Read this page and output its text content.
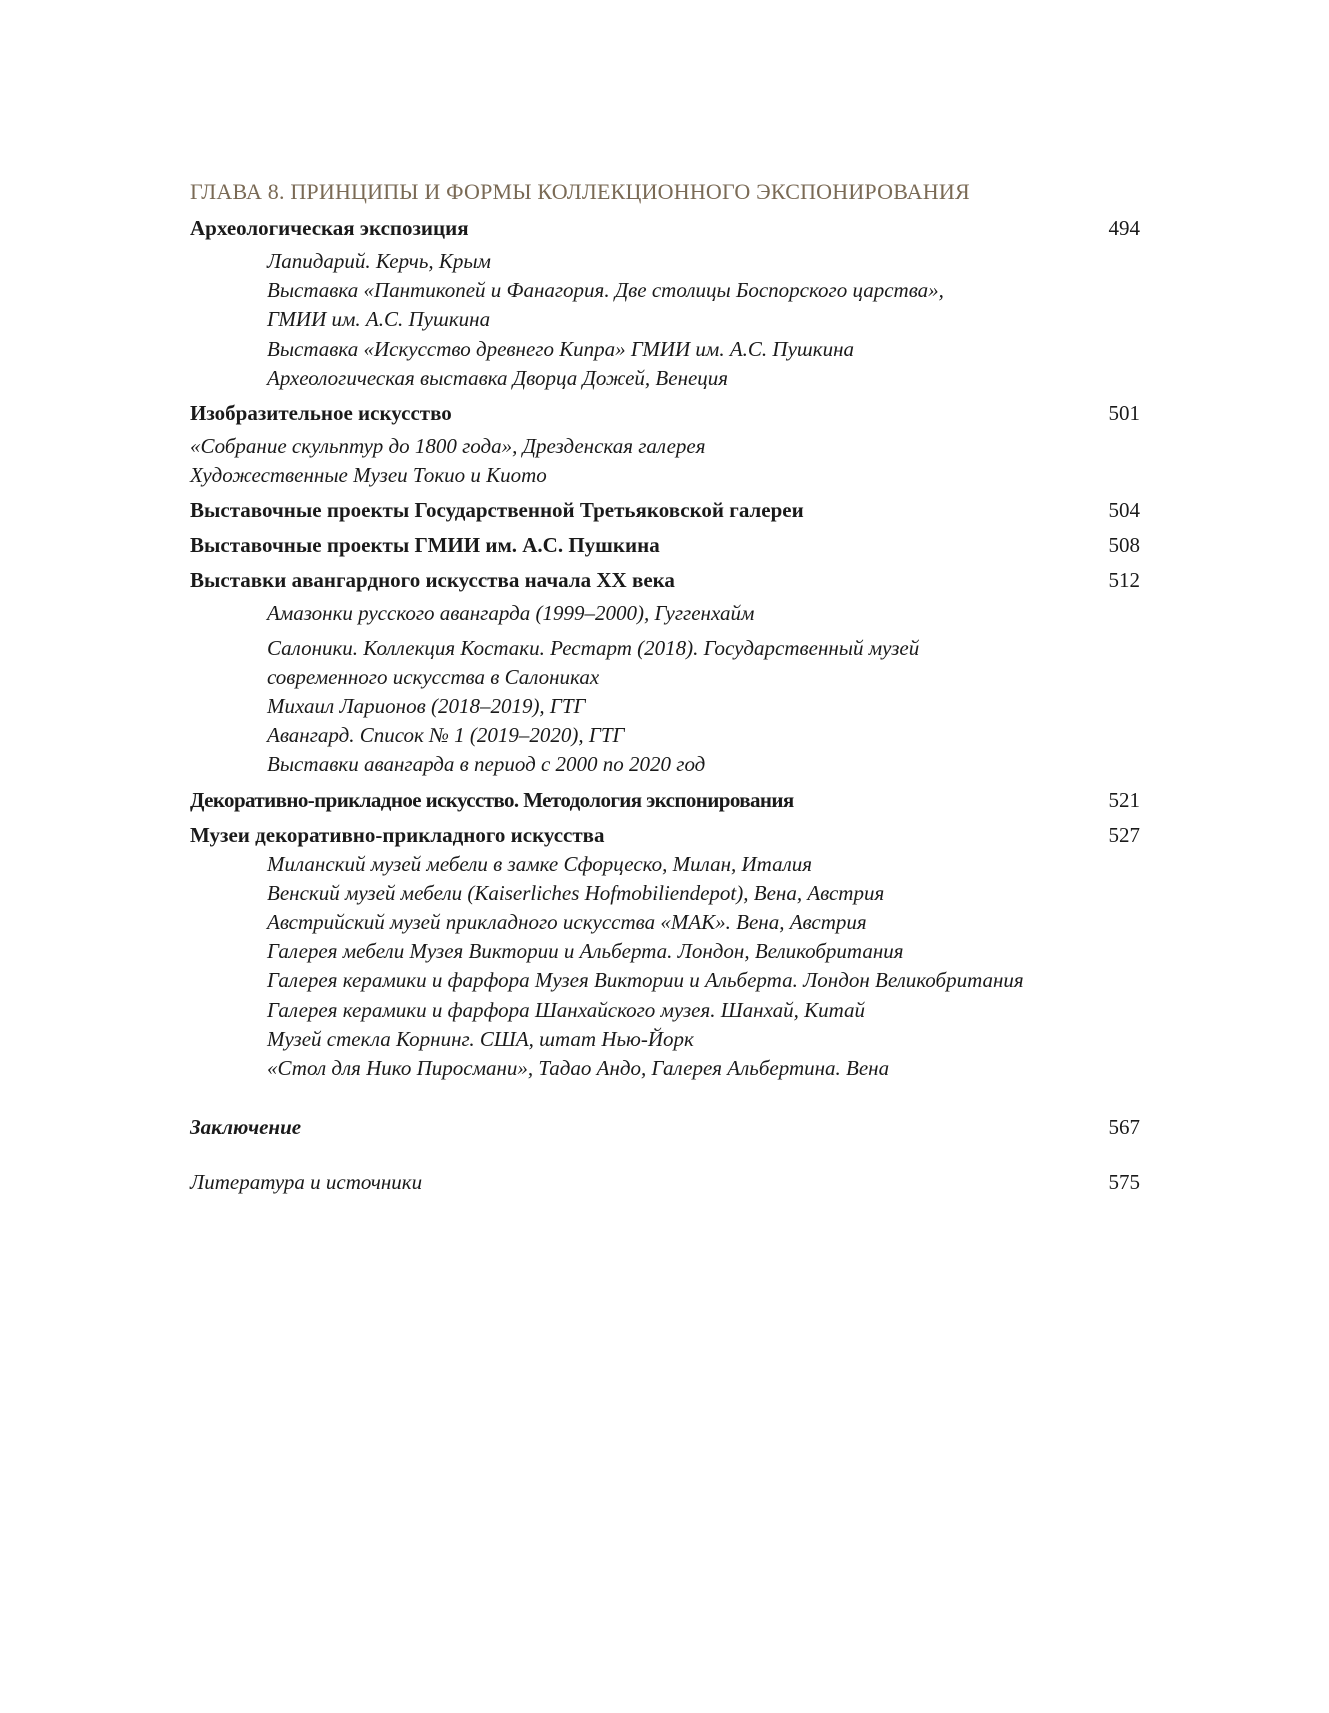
ГЛАВА 8. ПРИНЦИПЫ И ФОРМЫ КОЛЛЕКЦИОННОГО ЭКСПОНИРОВАНИЯ
Археологическая экспозиция	494
Лапидарий. Керчь, Крым
Выставка «Пантикопей и Фанагория. Две столицы Боспорского царства»,
ГМИИ им. А.С. Пушкина
Выставка «Искусство древнего Кипра» ГМИИ им. А.С. Пушкина
Археологическая выставка Дворца Дожей, Венеция
Изобразительное искусство	501
«Собрание скульптур до 1800 года», Дрезденская галерея
Художественные Музеи Токио и Киото
Выставочные проекты Государственной Третьяковской галереи	504
Выставочные проекты ГМИИ им. А.С. Пушкина	508
Выставки авангардного искусства начала XX века	512
Амазонки русского авангарда (1999–2000), Гуггенхайм
Салоники. Коллекция Костаки. Рестарт (2018). Государственный музей
современного искусства в Салониках
Михаил Ларионов (2018–2019), ГТГ
Авангард. Список № 1 (2019–2020), ГТГ
Выставки авангарда в период с 2000 по 2020 год
Декоративно-прикладное искусство. Методология экспонирования	521
Музеи декоративно-прикладного искусства	527
Миланский музей мебели в замке Сфорцеско, Милан, Италия
Венский музей мебели (Kaiserliches Hofmobiliendepot), Вена, Австрия
Австрийский музей прикладного искусства «МАК». Вена, Австрия
Галерея мебели Музея Виктории и Альберта. Лондон, Великобритания
Галерея керамики и фарфора Музея Виктории и Альберта. Лондон Великобритания
Галерея керамики и фарфора Шанхайского музея. Шанхай, Китай
Музей стекла Корнинг. США, штат Нью-Йорк
«Стол для Нико Пиросмани», Тадао Андо, Галерея Альбертина. Вена
Заключение	567
Литература и источники	575
